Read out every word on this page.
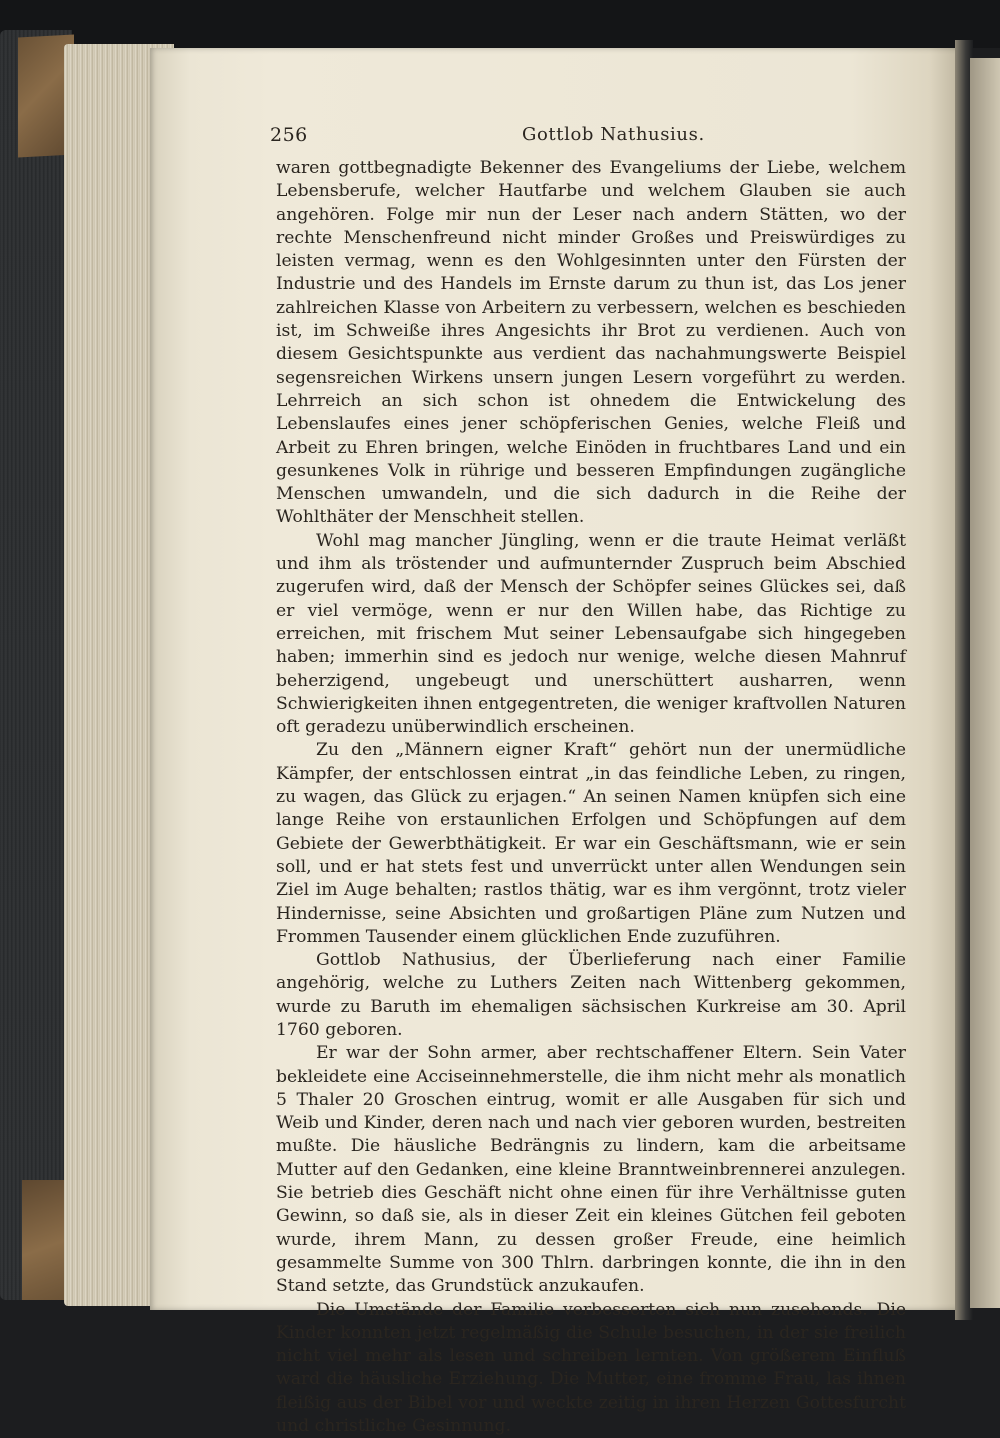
256	Gottlob Nathusius.

waren gottbegnadigte Bekenner des Evangeliums der Liebe, welchem Lebensberufe, welcher Hautfarbe und welchem Glauben sie auch angehören. Folge mir nun der Leser nach andern Stätten, wo der rechte Menschenfreund nicht minder Großes und Preiswürdiges zu leisten vermag, wenn es den Wohlgesinnten unter den Fürsten der Industrie und des Handels im Ernste darum zu thun ist, das Los jener zahlreichen Klasse von Arbeitern zu verbessern, welchen es beschieden ist, im Schweiße ihres Angesichts ihr Brot zu verdienen. Auch von diesem Gesichtspunkte aus verdient das nachahmungswerte Beispiel segensreichen Wirkens unsern jungen Lesern vorgeführt zu werden. Lehrreich an sich schon ist ohnedem die Entwickelung des Lebenslaufes eines jener schöpferischen Genies, welche Fleiß und Arbeit zu Ehren bringen, welche Einöden in fruchtbares Land und ein gesunkenes Volk in rührige und besseren Empfindungen zugängliche Menschen umwandeln, und die sich dadurch in die Reihe der Wohlthäter der Menschheit stellen.

Wohl mag mancher Jüngling, wenn er die traute Heimat verläßt und ihm als tröstender und aufmunternder Zuspruch beim Abschied zugerufen wird, daß der Mensch der Schöpfer seines Glückes sei, daß er viel vermöge, wenn er nur den Willen habe, das Richtige zu erreichen, mit frischem Mut seiner Lebensaufgabe sich hingegeben haben; immerhin sind es jedoch nur wenige, welche diesen Mahnruf beherzigend, ungebeugt und unerschüttert ausharren, wenn Schwierigkeiten ihnen entgegentreten, die weniger kraftvollen Naturen oft geradezu unüberwindlich erscheinen.

Zu den „Männern eigner Kraft“ gehört nun der unermüdliche Kämpfer, der entschlossen eintrat „in das feindliche Leben, zu ringen, zu wagen, das Glück zu erjagen.“ An seinen Namen knüpfen sich eine lange Reihe von erstaunlichen Erfolgen und Schöpfungen auf dem Gebiete der Gewerbthätigkeit. Er war ein Geschäftsmann, wie er sein soll, und er hat stets fest und unverrückt unter allen Wendungen sein Ziel im Auge behalten; rastlos thätig, war es ihm vergönnt, trotz vieler Hindernisse, seine Absichten und großartigen Pläne zum Nutzen und Frommen Tausender einem glücklichen Ende zuzuführen.

Gottlob Nathusius, der Überlieferung nach einer Familie angehörig, welche zu Luthers Zeiten nach Wittenberg gekommen, wurde zu Baruth im ehemaligen sächsischen Kurkreise am 30. April 1760 geboren.

Er war der Sohn armer, aber rechtschaffener Eltern. Sein Vater bekleidete eine Acciseinnehmerstelle, die ihm nicht mehr als monatlich 5 Thaler 20 Groschen eintrug, womit er alle Ausgaben für sich und Weib und Kinder, deren nach und nach vier geboren wurden, bestreiten mußte. Die häusliche Bedrängnis zu lindern, kam die arbeitsame Mutter auf den Gedanken, eine kleine Branntweinbrennerei anzulegen. Sie betrieb dies Geschäft nicht ohne einen für ihre Verhältnisse guten Gewinn, so daß sie, als in dieser Zeit ein kleines Gütchen feil geboten wurde, ihrem Mann, zu dessen großer Freude, eine heimlich gesammelte Summe von 300 Thlrn. darbringen konnte, die ihn in den Stand setzte, das Grundstück anzukaufen.

Die Umstände der Familie verbesserten sich nun zusehends. Die Kinder konnten jetzt regelmäßig die Schule besuchen, in der sie freilich nicht viel mehr als lesen und schreiben lernten. Von größerem Einfluß ward die häusliche Erziehung. Die Mutter, eine fromme Frau, las ihnen fleißig aus der Bibel vor und weckte zeitig in ihren Herzen Gottesfurcht und christliche Gesinnung.
